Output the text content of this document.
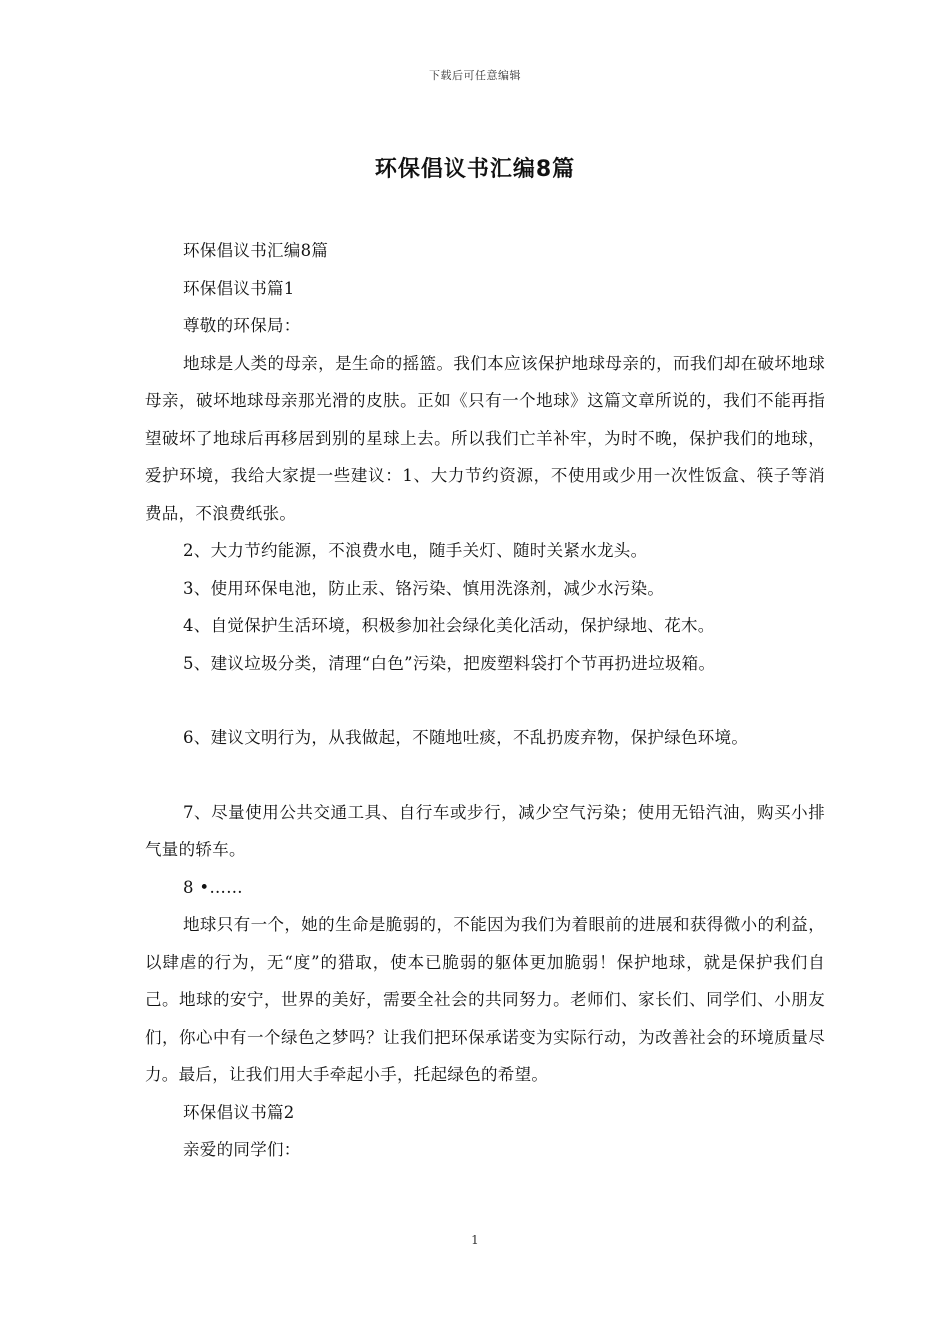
下载后可任意编辑
环保倡议书汇编8篇

环保倡议书汇编8篇

环保倡议书篇1

尊敬的环保局：

地球是人类的母亲，是生命的摇篮。我们本应该保护地球母亲的，而我们却在破坏地球母亲，破坏地球母亲那光滑的皮肤。正如《只有一个地球》这篇文章所说的，我们不能再指望破坏了地球后再移居到别的星球上去。所以我们亡羊补牢，为时不晚，保护我们的地球，爱护环境，我给大家提一些建议：1、大力节约资源，不使用或少用一次性饭盒、筷子等消费品，不浪费纸张。

2、大力节约能源，不浪费水电，随手关灯、随时关紧水龙头。

3、使用环保电池，防止汞、铬污染、慎用洗涤剂，减少水污染。

4、自觉保护生活环境，积极参加社会绿化美化活动，保护绿地、花木。

5、建议垃圾分类，清理“白色”污染，把废塑料袋打个节再扔进垃圾箱。

6、建议文明行为，从我做起，不随地吐痰，不乱扔废弃物，保护绿色环境。

7、尽量使用公共交通工具、自行车或步行，减少空气污染；使用无铅汽油，购买小排气量的轿车。

8 •……

地球只有一个，她的生命是脆弱的，不能因为我们为着眼前的进展和获得微小的利益，以肆虐的行为，无“度”的猎取，使本已脆弱的躯体更加脆弱！保护地球，就是保护我们自己。地球的安宁，世界的美好，需要全社会的共同努力。老师们、家长们、同学们、小朋友们，你心中有一个绿色之梦吗？让我们把环保承诺变为实际行动，为改善社会的环境质量尽力。最后，让我们用大手牵起小手，托起绿色的希望。

环保倡议书篇2

亲爱的同学们：

1
